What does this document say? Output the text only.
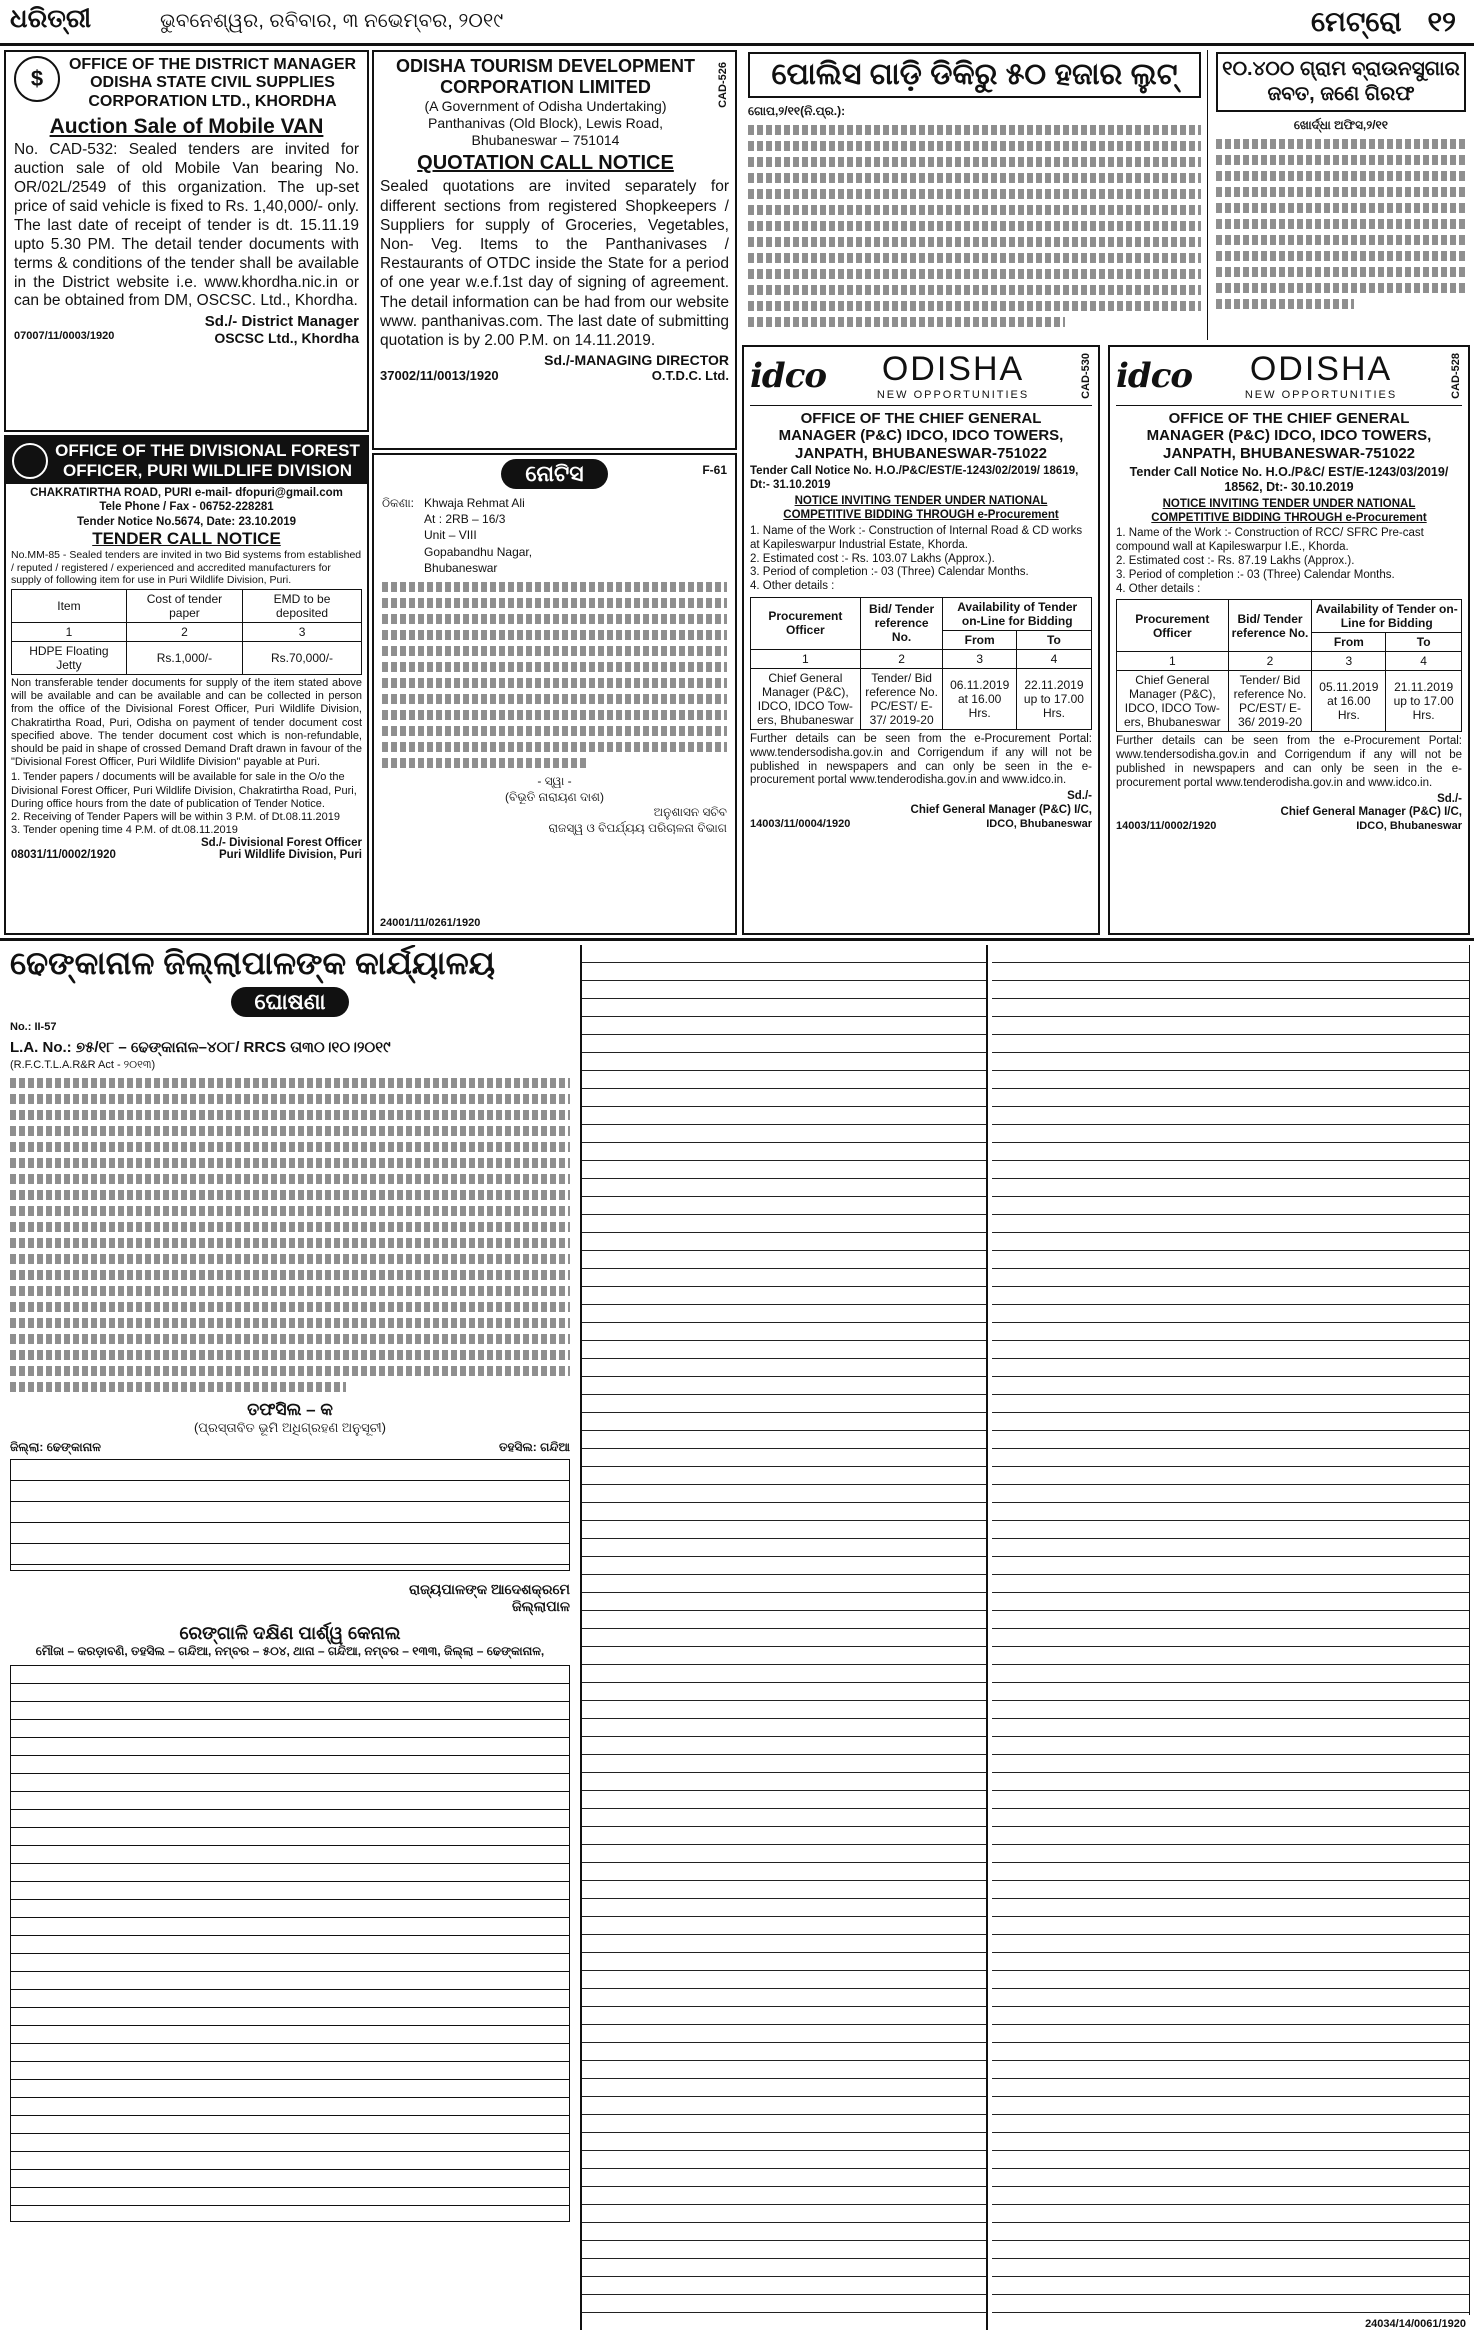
ଧରିତ୍ରୀ	ଭୁବନେଶ୍ୱର, ରବିବାର, ୩ ନଭେମ୍ବର, ୨୦୧୯	ମେଟ୍ରୋ ୧୨
$
OFFICE OF THE DISTRICT MANAGER
ODISHA STATE CIVIL SUPPLIES
CORPORATION LTD., KHORDHA
Auction Sale of Mobile VAN
No. CAD-532: Sealed tenders are invited for auction sale of old Mobile Van bearing No. OR/02L/2549 of this organization. The up-set price of said vehicle is fixed to Rs. 1,40,000/- only. The last date of receipt of tender is dt. 15.11.19 upto 5.30 PM. The detail tender documents with terms & conditions of the tender shall be available in the District website i.e. www.khordha.nic.in or can be obtained from DM, OSCSC. Ltd., Khordha.
Sd./- District Manager
07007/11/0003/1920	OSCSC Ltd., Khordha
CAD-526
ODISHA TOURISM DEVELOPMENT
CORPORATION LIMITED
(A Government of Odisha Undertaking)
Panthanivas (Old Block), Lewis Road,
Bhubaneswar – 751014
QUOTATION CALL NOTICE
Sealed quotations are invited separately for different sections from registered Shopkeepers / Suppliers for supply of Groceries, Vegetables, Non- Veg. Items to the Panthanivases / Restaurants of OTDC inside the State for a period of one year w.e.f.1st day of signing of agreement. The detail information can be had from our website www. panthanivas.com. The last date of submitting quotation is by 2.00 P.M. on 14.11.2019.
Sd./-MANAGING DIRECTOR
37002/11/0013/1920	O.T.D.C. Ltd.
OFFICE OF THE DIVISIONAL FOREST
OFFICER, PURI WILDLIFE DIVISION
CHAKRATIRTHA ROAD, PURI e-mail- dfopuri@gmail.com
Tele Phone / Fax - 06752-228281
Tender Notice No.5674, Date: 23.10.2019
TENDER CALL NOTICE
No.MM-85 - Sealed tenders are invited in two Bid systems from established / reputed / registered / experienced and accredited manufacturers for supply of following item for use in Puri Wildlife Division, Puri.
Item	Cost of tender paper	EMD to be deposited
1	2	3
HDPE Floating Jetty	Rs.1,000/-	Rs.70,000/-
Non transferable tender documents for supply of the item stated above will be available and can be available and can be collected in person from the office of the Divisional Forest Officer, Puri Wildlife Division, Chakratirtha Road, Puri, Odisha on payment of tender document cost specified above. The tender document cost which is non-refundable, should be paid in shape of crossed Demand Draft drawn in favour of the "Divisional Forest Officer, Puri Wildlife Division" payable at Puri.
1. Tender papers / documents will be available for sale in the O/o the Divisional Forest Officer, Puri Wildlife Division, Chakratirtha Road, Puri, During office hours from the date of publication of Tender Notice.
2. Receiving of Tender Papers will be within 3 P.M. of Dt.08.11.2019
3. Tender opening time 4 P.M. of dt.08.11.2019
Sd./- Divisional Forest Officer
08031/11/0002/1920	Puri Wildlife Division, Puri
ନୋଟିସ	F-61
ଠିକଣା: Khwaja Rehmat Ali
At : 2RB – 16/3
Unit – VIII
Gopabandhu Nagar,
Bhubaneswar
- ସ୍ୱା -
(ବିଭୂତି ନାରାୟଣ ଦାଶ)
ଅନୁଶାସନ ସଚିବ
ରାଜସ୍ୱ ଓ ବିପର୍ଯ୍ୟୟ ପରିଚାଳନା ବିଭାଗ
24001/11/0261/1920
ପୋଲିସ ଗାଡ଼ି ଡିକିରୁ ୫୦ ହଜାର ଲୁଟ୍
ଗୋପ,୨/୧୧(ନି.ପ୍ର.):
୧୦.୪୦୦ ଗ୍ରାମ ବ୍ରାଉନସୁଗାର
ଜବତ, ଜଣେ ଗିରଫ
ଖୋର୍ଦ୍ଧା ଅଫିସ,୨/୧୧
idco ODISHA
NEW OPPORTUNITIES	CAD-530
OFFICE OF THE CHIEF GENERAL
MANAGER (P&C) IDCO, IDCO TOWERS,
JANPATH, BHUBANESWAR-751022
Tender Call Notice No. H.O./P&C/EST/E-1243/02/2019/ 18619, Dt:- 31.10.2019
NOTICE INVITING TENDER UNDER NATIONAL
COMPETITIVE BIDDING THROUGH e-Procurement
1. Name of the Work :- Construction of Internal Road & CD works at Kapileswarpur Industrial Estate, Khorda.
2. Estimated cost :- Rs. 103.07 Lakhs (Approx.).
3. Period of completion :- 03 (Three) Calendar Months.
4. Other details :
Procurement Officer	Bid/ Tender reference No.	Availability of Tender on-Line for Bidding	
		From	To
1	2	3	4
Chief General Manager (P&C), IDCO, IDCO Tow-ers, Bhubaneswar	Tender/ Bid reference No. PC/EST/ E- 37/ 2019-20	06.11.2019 at 16.00 Hrs.	22.11.2019 up to 17.00 Hrs.
Further details can be seen from the e-Procurement Portal: www.tendersodisha.gov.in and Corrigendum if any will not be published in newspapers and can only be seen in the e-procurement portal www.tenderodisha.gov.in and www.idco.in.
Sd./-
Chief General Manager (P&C) I/C,
14003/11/0004/1920	IDCO, Bhubaneswar
idco ODISHA
NEW OPPORTUNITIES	CAD-528
OFFICE OF THE CHIEF GENERAL
MANAGER (P&C) IDCO, IDCO TOWERS,
JANPATH, BHUBANESWAR-751022
Tender Call Notice No. H.O./P&C/ EST/E-1243/03/2019/ 18562, Dt:- 30.10.2019
NOTICE INVITING TENDER UNDER NATIONAL
COMPETITIVE BIDDING THROUGH e-Procurement
1. Name of the Work :- Construction of RCC/ SFRC Pre-cast compound wall at Kapileswarpur I.E., Khorda.
2. Estimated cost :- Rs. 87.19 Lakhs (Approx.).
3. Period of completion :- 03 (Three) Calendar Months.
4. Other details :
Procurement Officer	Bid/ Tender reference No.	Availability of Tender on-Line for Bidding	
		From	To
1	2	3	4
Chief General Manager (P&C), IDCO, IDCO Tow-ers, Bhubaneswar	Tender/ Bid reference No. PC/EST/ E-36/ 2019-20	05.11.2019 at 16.00 Hrs.	21.11.2019 up to 17.00 Hrs.
Further details can be seen from the e-Procurement Portal: www.tendersodisha.gov.in and Corrigendum if any will not be published in newspapers and can only be seen in the e-procurement portal www.tenderodisha.gov.in and www.idco.in.
Sd./-
Chief General Manager (P&C) I/C,
14003/11/0002/1920	IDCO, Bhubaneswar
ଢେଙ୍କାନାଳ ଜିଲ୍ଲାପାଳଙ୍କ କାର୍ଯ୍ୟାଳୟ
ଘୋଷଣା
No.: II-57
L.A. No.: ୭୫/୧୮ – ଢେଙ୍କାନାଳ–୪୦୮/ RRCS ତା୩୦।୧୦।୨୦୧୯
(R.F.C.T.L.A.R&R Act - ୨୦୧୩)
ତଫସିଲ – କ
(ପ୍ରସ୍ତାବିତ ଭୂମି ଅଧିଗ୍ରହଣ ଅନୁସୂଚୀ)
ଜିଲ୍ଲା: ଢେଙ୍କାନାଳ	ତହସିଲ: ଗନ୍ଦିଆ
ରାଜ୍ୟପାଳଙ୍କ ଆଦେଶକ୍ରମେ
ଜିଲ୍ଲାପାଳ
ରେଙ୍ଗାଳି ଦକ୍ଷିଣ ପାର୍ଶ୍ୱ କେନାଲ
ମୌଜା – କରଡ଼ାବଣି, ତହସିଲ – ଗନ୍ଦିଆ, ନମ୍ବର – ୫୦୪, ଥାନା – ଗନ୍ଦିଆ, ନମ୍ବର – ୧୩୩, ଜିଲ୍ଲା – ଢେଙ୍କାନାଳ,
24034/14/0061/1920
